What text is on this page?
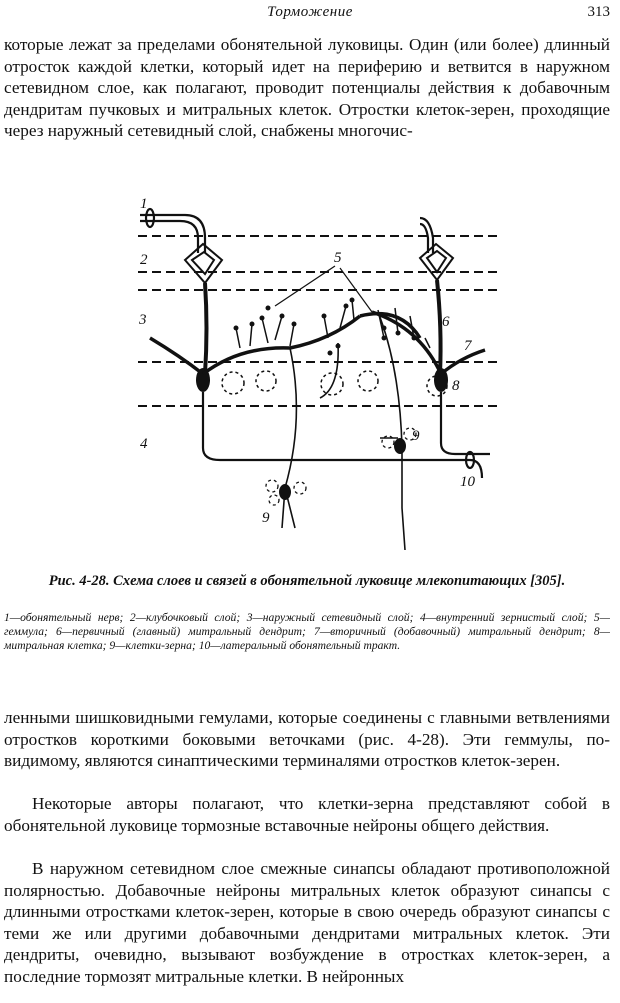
Торможение	313

которые лежат за пределами обонятельной луковицы. Один (или более) длинный отросток каждой клетки, который идет на периферию и ветвится в наружном сетевидном слое, как полагают, проводит потенциалы действия к добавочным дендритам пучковых и митральных клеток. Отростки клеток-зерен, проходящие через наружный сетевидный слой, снабжены многочис-

1
2
3
4
5
6
7
8
9
9
10
Рис. 4-28. Схема слоев и связей в обонятельной луковице млекопитающих [305].
1—обонятельный нерв; 2—клубочковый слой; 3—наружный сетевидный слой; 4—внутренний зернистый слой; 5—геммула; 6—первичный (главный) митральный дендрит; 7—вторичный (добавочный) митральный дендрит; 8—митральная клетка; 9—клетки-зерна; 10—латеральный обонятельный тракт.

ленными шишковидными гемулами, которые соединены с главными ветвлениями отростков короткими боковыми веточками (рис. 4-28). Эти геммулы, по-видимому, являются синаптическими терминалями отростков клеток-зерен.

Некоторые авторы полагают, что клетки-зерна представляют собой в обонятельной луковице тормозные вставочные нейроны общего действия.

В наружном сетевидном слое смежные синапсы обладают противоположной полярностью. Добавочные нейроны митральных клеток образуют синапсы с длинными отростками клеток-зерен, которые в свою очередь образуют синапсы с теми же или другими добавочными дендритами митральных клеток. Эти дендриты, очевидно, вызывают возбуждение в отростках клеток-зерен, а последние тормозят митральные клетки. В нейронных
